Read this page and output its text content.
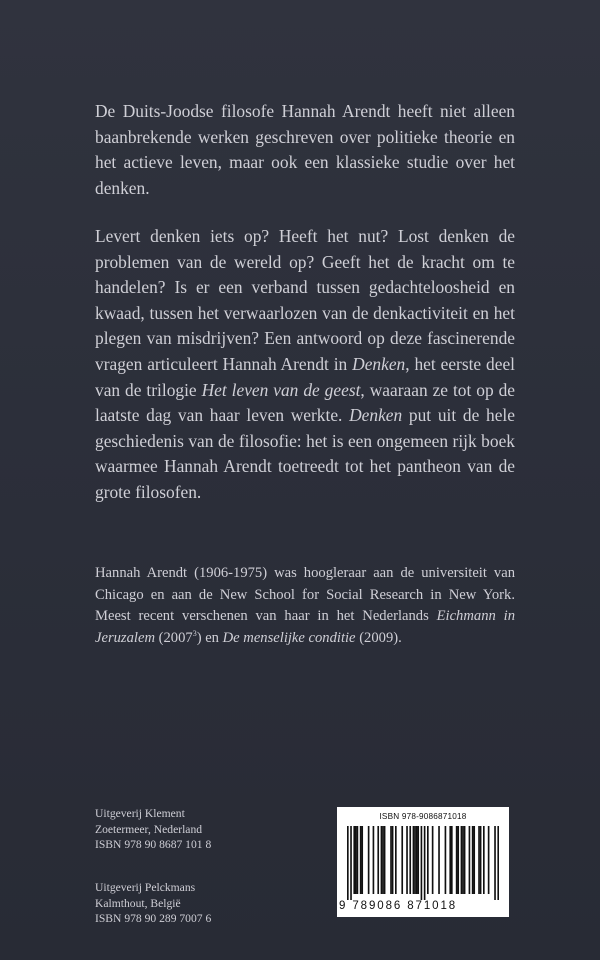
De Duits-Joodse filosofe Hannah Arendt heeft niet alleen baanbrekende werken geschreven over politieke theorie en het actieve leven, maar ook een klassieke studie over het denken.

Levert denken iets op? Heeft het nut? Lost denken de problemen van de wereld op? Geeft het de kracht om te handelen? Is er een verband tussen gedachteloosheid en kwaad, tussen het verwaarlozen van de denkactiviteit en het plegen van misdrijven? Een antwoord op deze fascinerende vragen articuleert Hannah Arendt in Denken, het eerste deel van de trilogie Het leven van de geest, waaraan ze tot op de laatste dag van haar leven werkte. Denken put uit de hele geschiedenis van de filosofie: het is een ongemeen rijk boek waarmee Hannah Arendt toetreedt tot het pantheon van de grote filosofen.

Hannah Arendt (1906-1975) was hoogleraar aan de universiteit van Chicago en aan de New School for Social Research in New York. Meest recent verschenen van haar in het Nederlands Eichmann in Jeruzalem (2007$^3$) en De menselijke conditie (2009).

Uitgeverij Klement
Zoetermeer, Nederland
ISBN 978 90 8687 101 8
Uitgeverij Pelckmans
Kalmthout, België
ISBN 978 90 289 7007 6
ISBN 978-9086871018
9 789086 871018
